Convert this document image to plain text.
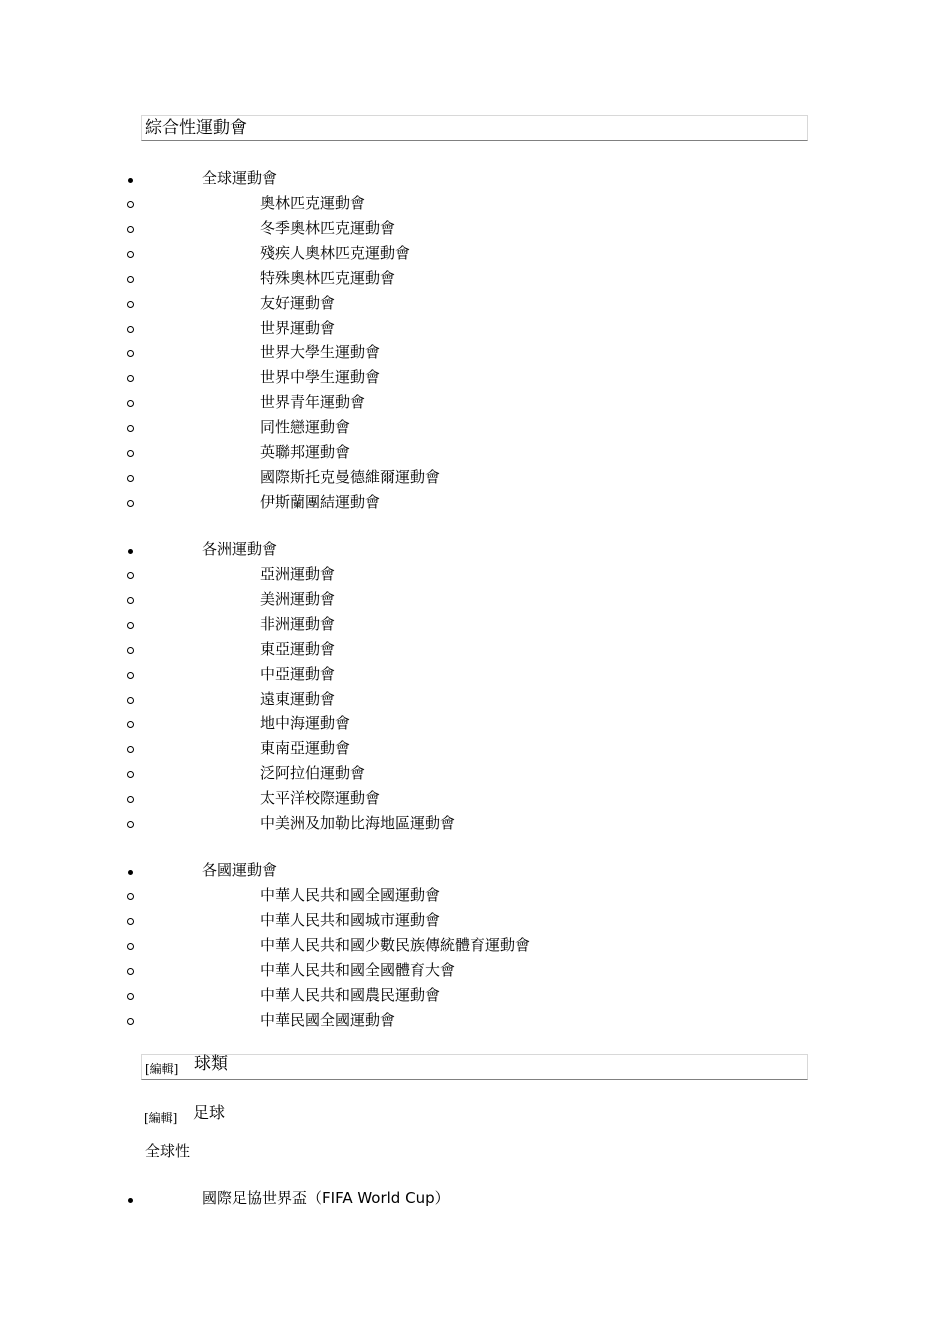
綜合性運動會
全球運動會
奧林匹克運動會
冬季奧林匹克運動會
殘疾人奧林匹克運動會
特殊奧林匹克運動會
友好運動會
世界運動會
世界大學生運動會
世界中學生運動會
世界青年運動會
同性戀運動會
英聯邦運動會
國際斯托克曼德維爾運動會
伊斯蘭團結運動會
各洲運動會
亞洲運動會
美洲運動會
非洲運動會
東亞運動會
中亞運動會
遠東運動會
地中海運動會
東南亞運動會
泛阿拉伯運動會
太平洋校際運動會
中美洲及加勒比海地區運動會
各國運動會
中華人民共和國全國運動會
中華人民共和國城市運動會
中華人民共和國少數民族傳統體育運動會
中華人民共和國全國體育大會
中華人民共和國農民運動會
中華民國全國運動會
[編輯] 球類
[編輯] 足球
全球性
國際足協世界盃（FIFA World Cup）
